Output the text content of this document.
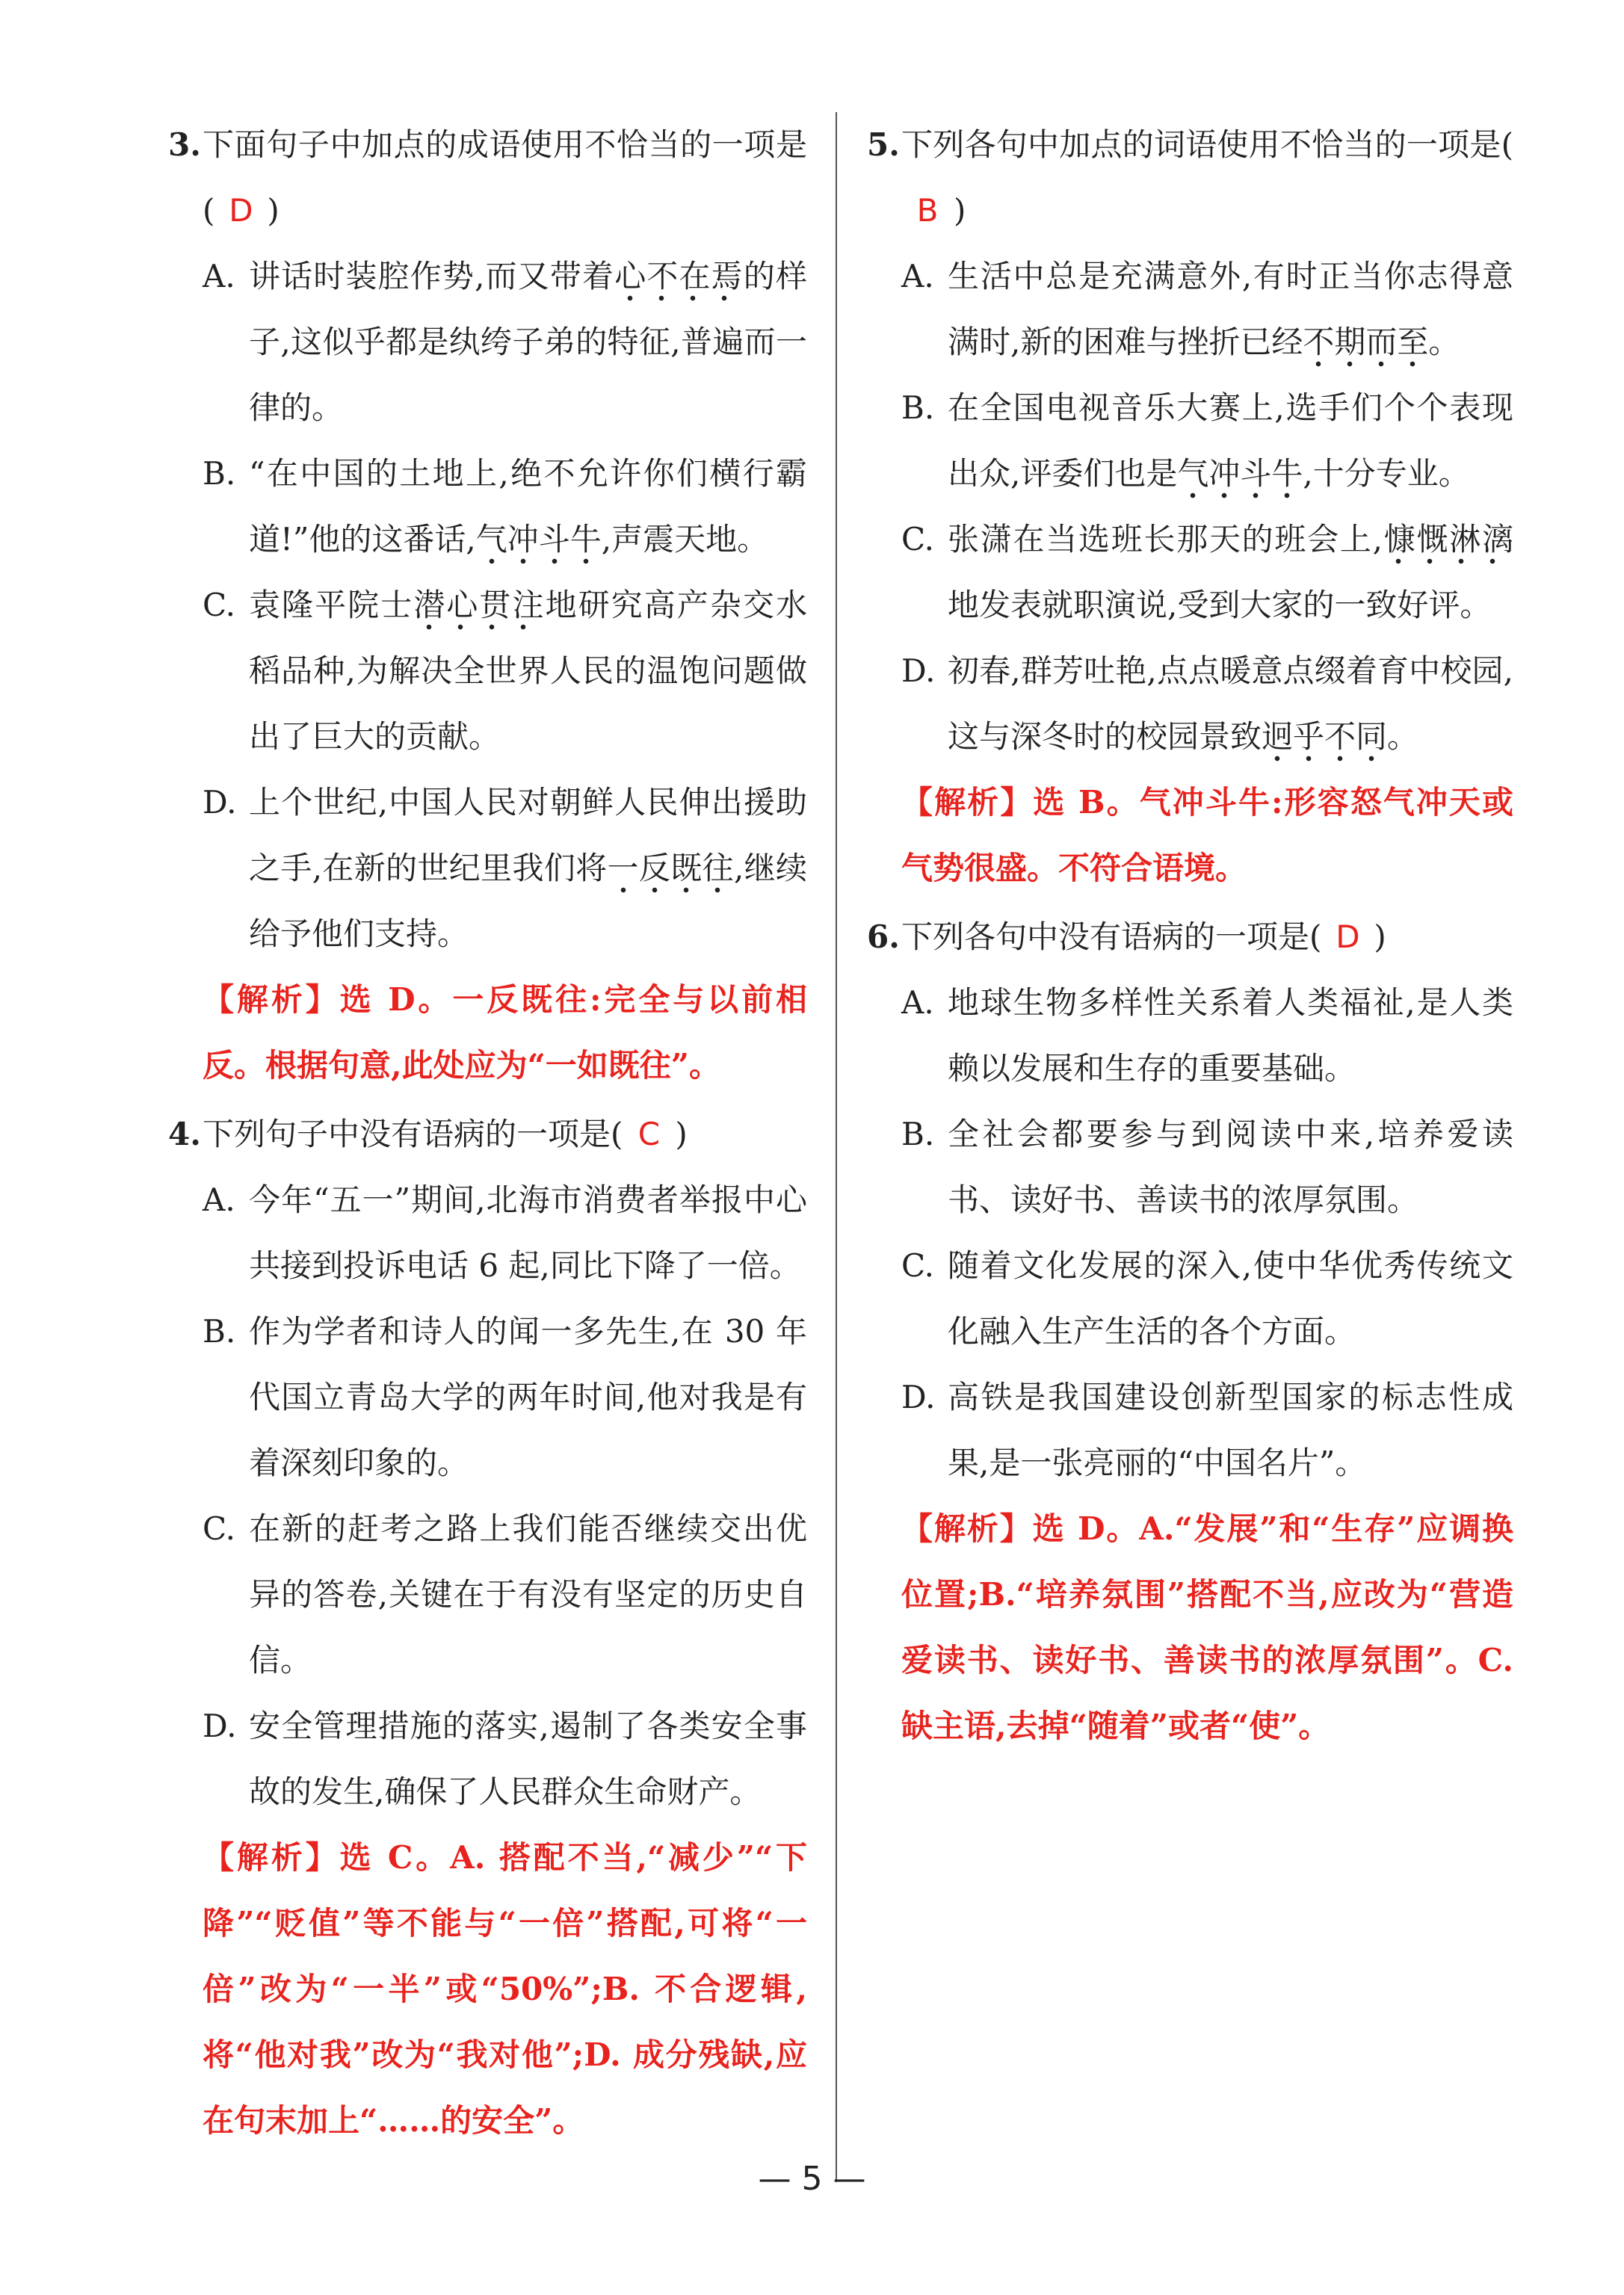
3. 下面句子中加点的成语使用不恰当的一项是( D )
A. 讲话时装腔作势,而又带着心不在焉的样子,这似乎都是纨绔子弟的特征,普遍而一律的。
B. “在中国的土地上,绝不允许你们横行霸道!”他的这番话,气冲斗牛,声震天地。
C. 袁隆平院士潜心贯注地研究高产杂交水稻品种,为解决全世界人民的温饱问题做出了巨大的贡献。
D. 上个世纪,中国人民对朝鲜人民伸出援助之手,在新的世纪里我们将一反既往,继续给予他们支持。
【解析】选 D。一反既往:完全与以前相反。根据句意,此处应为“一如既往”。
4. 下列句子中没有语病的一项是( C )
A. 今年“五一”期间,北海市消费者举报中心共接到投诉电话 6 起,同比下降了一倍。
B. 作为学者和诗人的闻一多先生,在 30 年代国立青岛大学的两年时间,他对我是有着深刻印象的。
C. 在新的赶考之路上我们能否继续交出优异的答卷,关键在于有没有坚定的历史自信。
D. 安全管理措施的落实,遏制了各类安全事故的发生,确保了人民群众生命财产。
【解析】选 C。A. 搭配不当,“减少”“下降”“贬值”等不能与“一倍”搭配,可将“一倍”改为“一半”或“50%”;B. 不合逻辑,将“他对我”改为“我对他”;D. 成分残缺,应在句末加上“……的安全”。
5. 下列各句中加点的词语使用不恰当的一项是(B )
A. 生活中总是充满意外,有时正当你志得意满时,新的困难与挫折已经不期而至。
B. 在全国电视音乐大赛上,选手们个个表现出众,评委们也是气冲斗牛,十分专业。
C. 张潇在当选班长那天的班会上,慷慨淋漓地发表就职演说,受到大家的一致好评。
D. 初春,群芳吐艳,点点暖意点缀着育中校园,这与深冬时的校园景致迥乎不同。
【解析】选 B。气冲斗牛:形容怒气冲天或气势很盛。不符合语境。
6. 下列各句中没有语病的一项是( D )
A. 地球生物多样性关系着人类福祉,是人类赖以发展和生存的重要基础。
B. 全社会都要参与到阅读中来,培养爱读书、读好书、善读书的浓厚氛围。
C. 随着文化发展的深入,使中华优秀传统文化融入生产生活的各个方面。
D. 高铁是我国建设创新型国家的标志性成果,是一张亮丽的“中国名片”。
【解析】选 D。A.“发展”和“生存”应调换位置;B.“培养氛围”搭配不当,应改为“营造爱读书、读好书、善读书的浓厚氛围”。C. 缺主语,去掉“随着”或者“使”。
— 5 —
